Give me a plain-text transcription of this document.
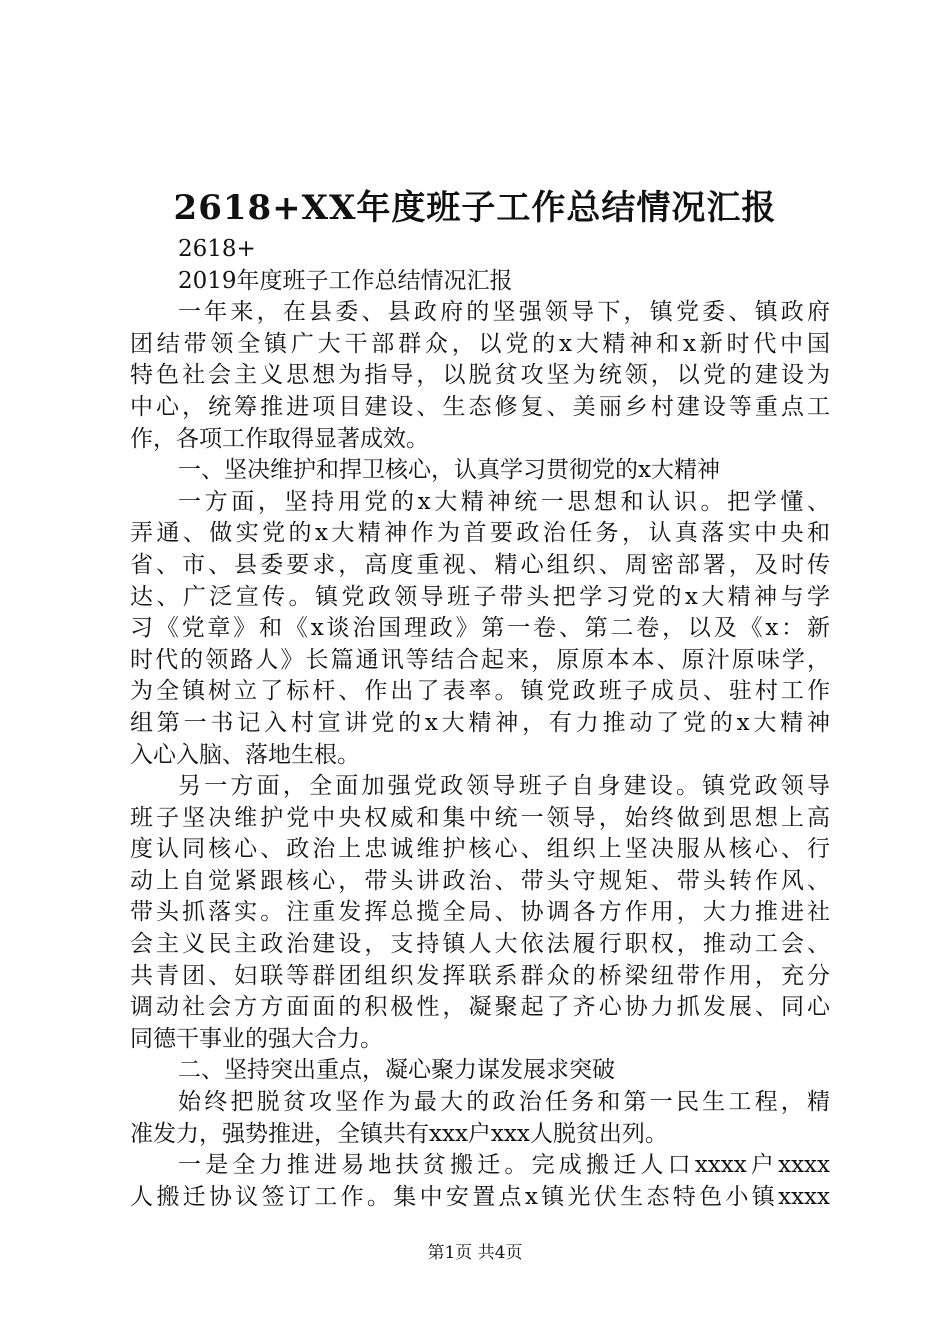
2618+XX年度班子工作总结情况汇报
2618+
2019年度班子工作总结情况汇报
一年来，在县委、县政府的坚强领导下，镇党委、镇政府
团结带领全镇广大干部群众，以党的x大精神和x新时代中国
特色社会主义思想为指导，以脱贫攻坚为统领，以党的建设为
中心，统筹推进项目建设、生态修复、美丽乡村建设等重点工
作，各项工作取得显著成效。
一、坚决维护和捍卫核心，认真学习贯彻党的x大精神
一方面，坚持用党的x大精神统一思想和认识。把学懂、
弄通、做实党的x大精神作为首要政治任务，认真落实中央和
省、市、县委要求，高度重视、精心组织、周密部署，及时传
达、广泛宣传。镇党政领导班子带头把学习党的x大精神与学
习《党章》和《x谈治国理政》第一卷、第二卷，以及《x：新
时代的领路人》长篇通讯等结合起来，原原本本、原汁原味学，
为全镇树立了标杆、作出了表率。镇党政班子成员、驻村工作
组第一书记入村宣讲党的x大精神，有力推动了党的x大精神
入心入脑、落地生根。
另一方面，全面加强党政领导班子自身建设。镇党政领导
班子坚决维护党中央权威和集中统一领导，始终做到思想上高
度认同核心、政治上忠诚维护核心、组织上坚决服从核心、行
动上自觉紧跟核心，带头讲政治、带头守规矩、带头转作风、
带头抓落实。注重发挥总揽全局、协调各方作用，大力推进社
会主义民主政治建设，支持镇人大依法履行职权，推动工会、
共青团、妇联等群团组织发挥联系群众的桥梁纽带作用，充分
调动社会方方面面的积极性，凝聚起了齐心协力抓发展、同心
同德干事业的强大合力。
二、坚持突出重点，凝心聚力谋发展求突破
始终把脱贫攻坚作为最大的政治任务和第一民生工程，精
准发力，强势推进，全镇共有xxx户xxx人脱贫出列。
一是全力推进易地扶贫搬迁。完成搬迁人口xxxx户xxxx
人搬迁协议签订工作。集中安置点x镇光伏生态特色小镇xxxx
第1页 共4页
